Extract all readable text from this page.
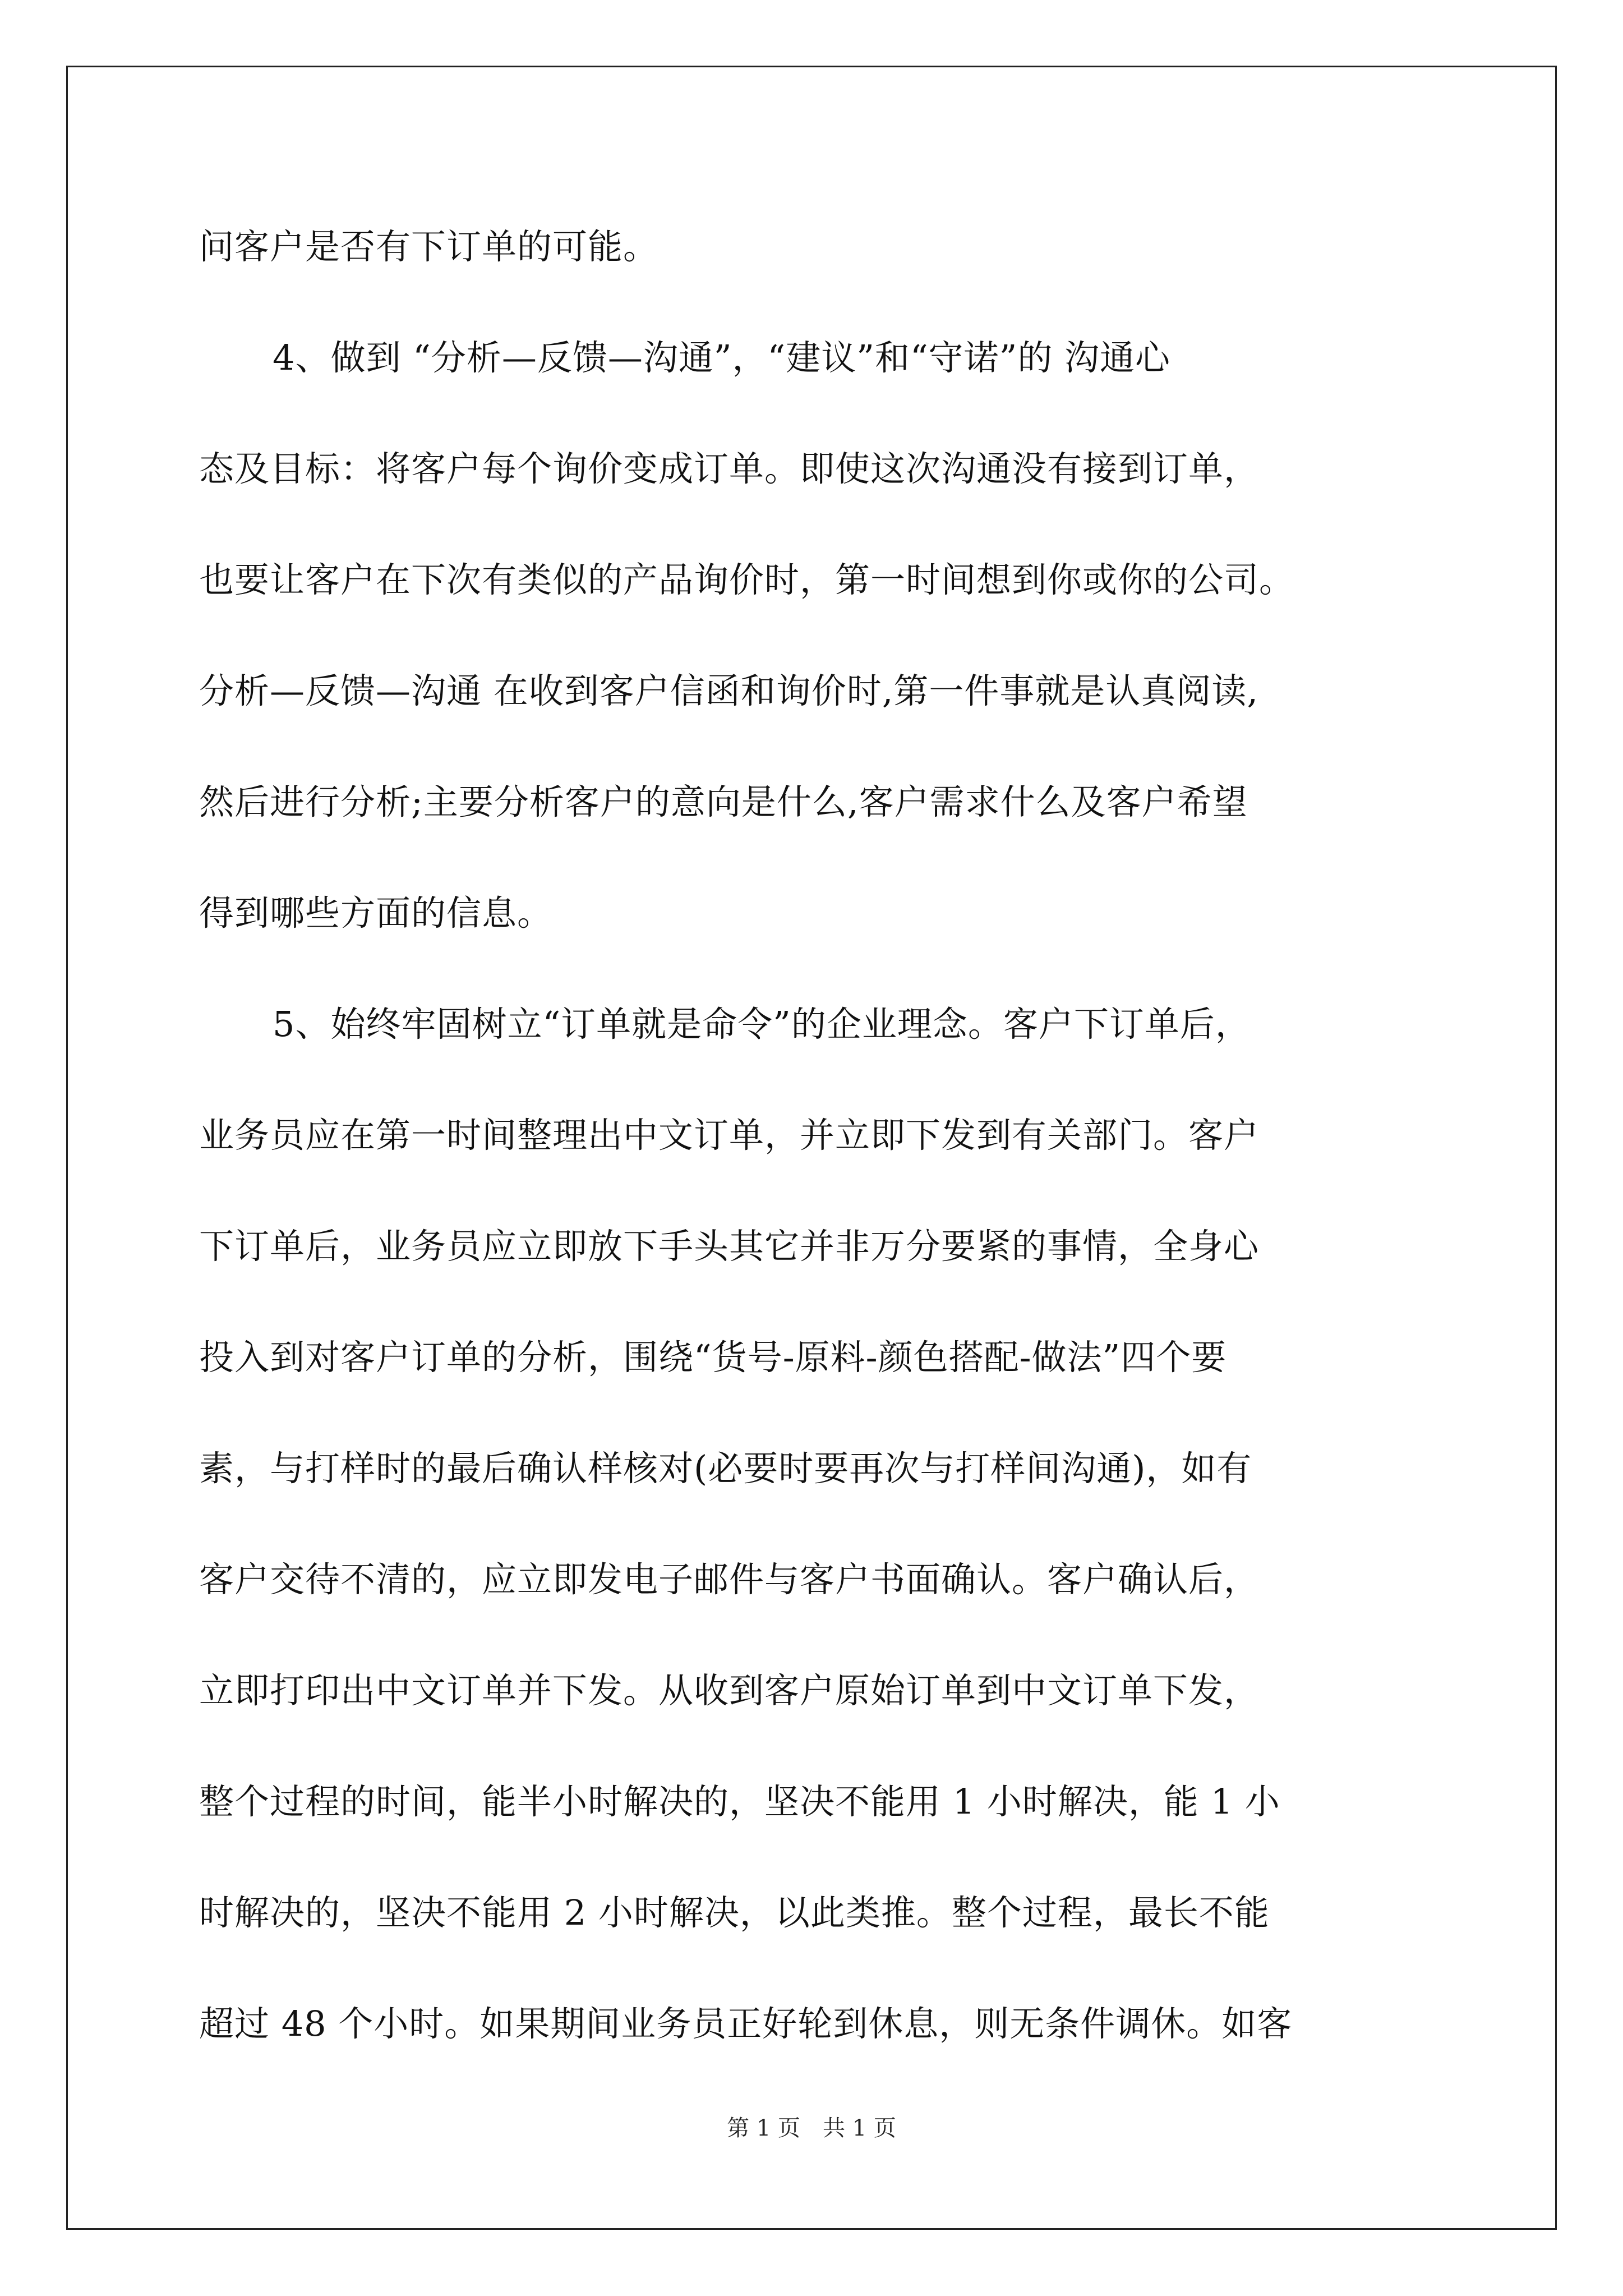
问客户是否有下订单的可能。
4、做到 “分析—反馈—沟通”，“建议”和“守诺”的 沟通心
态及目标：将客户每个询价变成订单。即使这次沟通没有接到订单，
也要让客户在下次有类似的产品询价时，第一时间想到你或你的公司。
分析—反馈—沟通 在收到客户信函和询价时,第一件事就是认真阅读,
然后进行分析;主要分析客户的意向是什么,客户需求什么及客户希望
得到哪些方面的信息。
5、始终牢固树立“订单就是命令”的企业理念。客户下订单后，
业务员应在第一时间整理出中文订单，并立即下发到有关部门。客户
下订单后，业务员应立即放下手头其它并非万分要紧的事情，全身心
投入到对客户订单的分析，围绕“货号-原料-颜色搭配-做法”四个要
素，与打样时的最后确认样核对(必要时要再次与打样间沟通)，如有
客户交待不清的，应立即发电子邮件与客户书面确认。客户确认后，
立即打印出中文订单并下发。从收到客户原始订单到中文订单下发，
整个过程的时间，能半小时解决的，坚决不能用 1 小时解决，能 1 小
时解决的，坚决不能用 2 小时解决，以此类推。整个过程，最长不能
超过 48 个小时。如果期间业务员正好轮到休息，则无条件调休。如客
第 1 页　共 1 页
